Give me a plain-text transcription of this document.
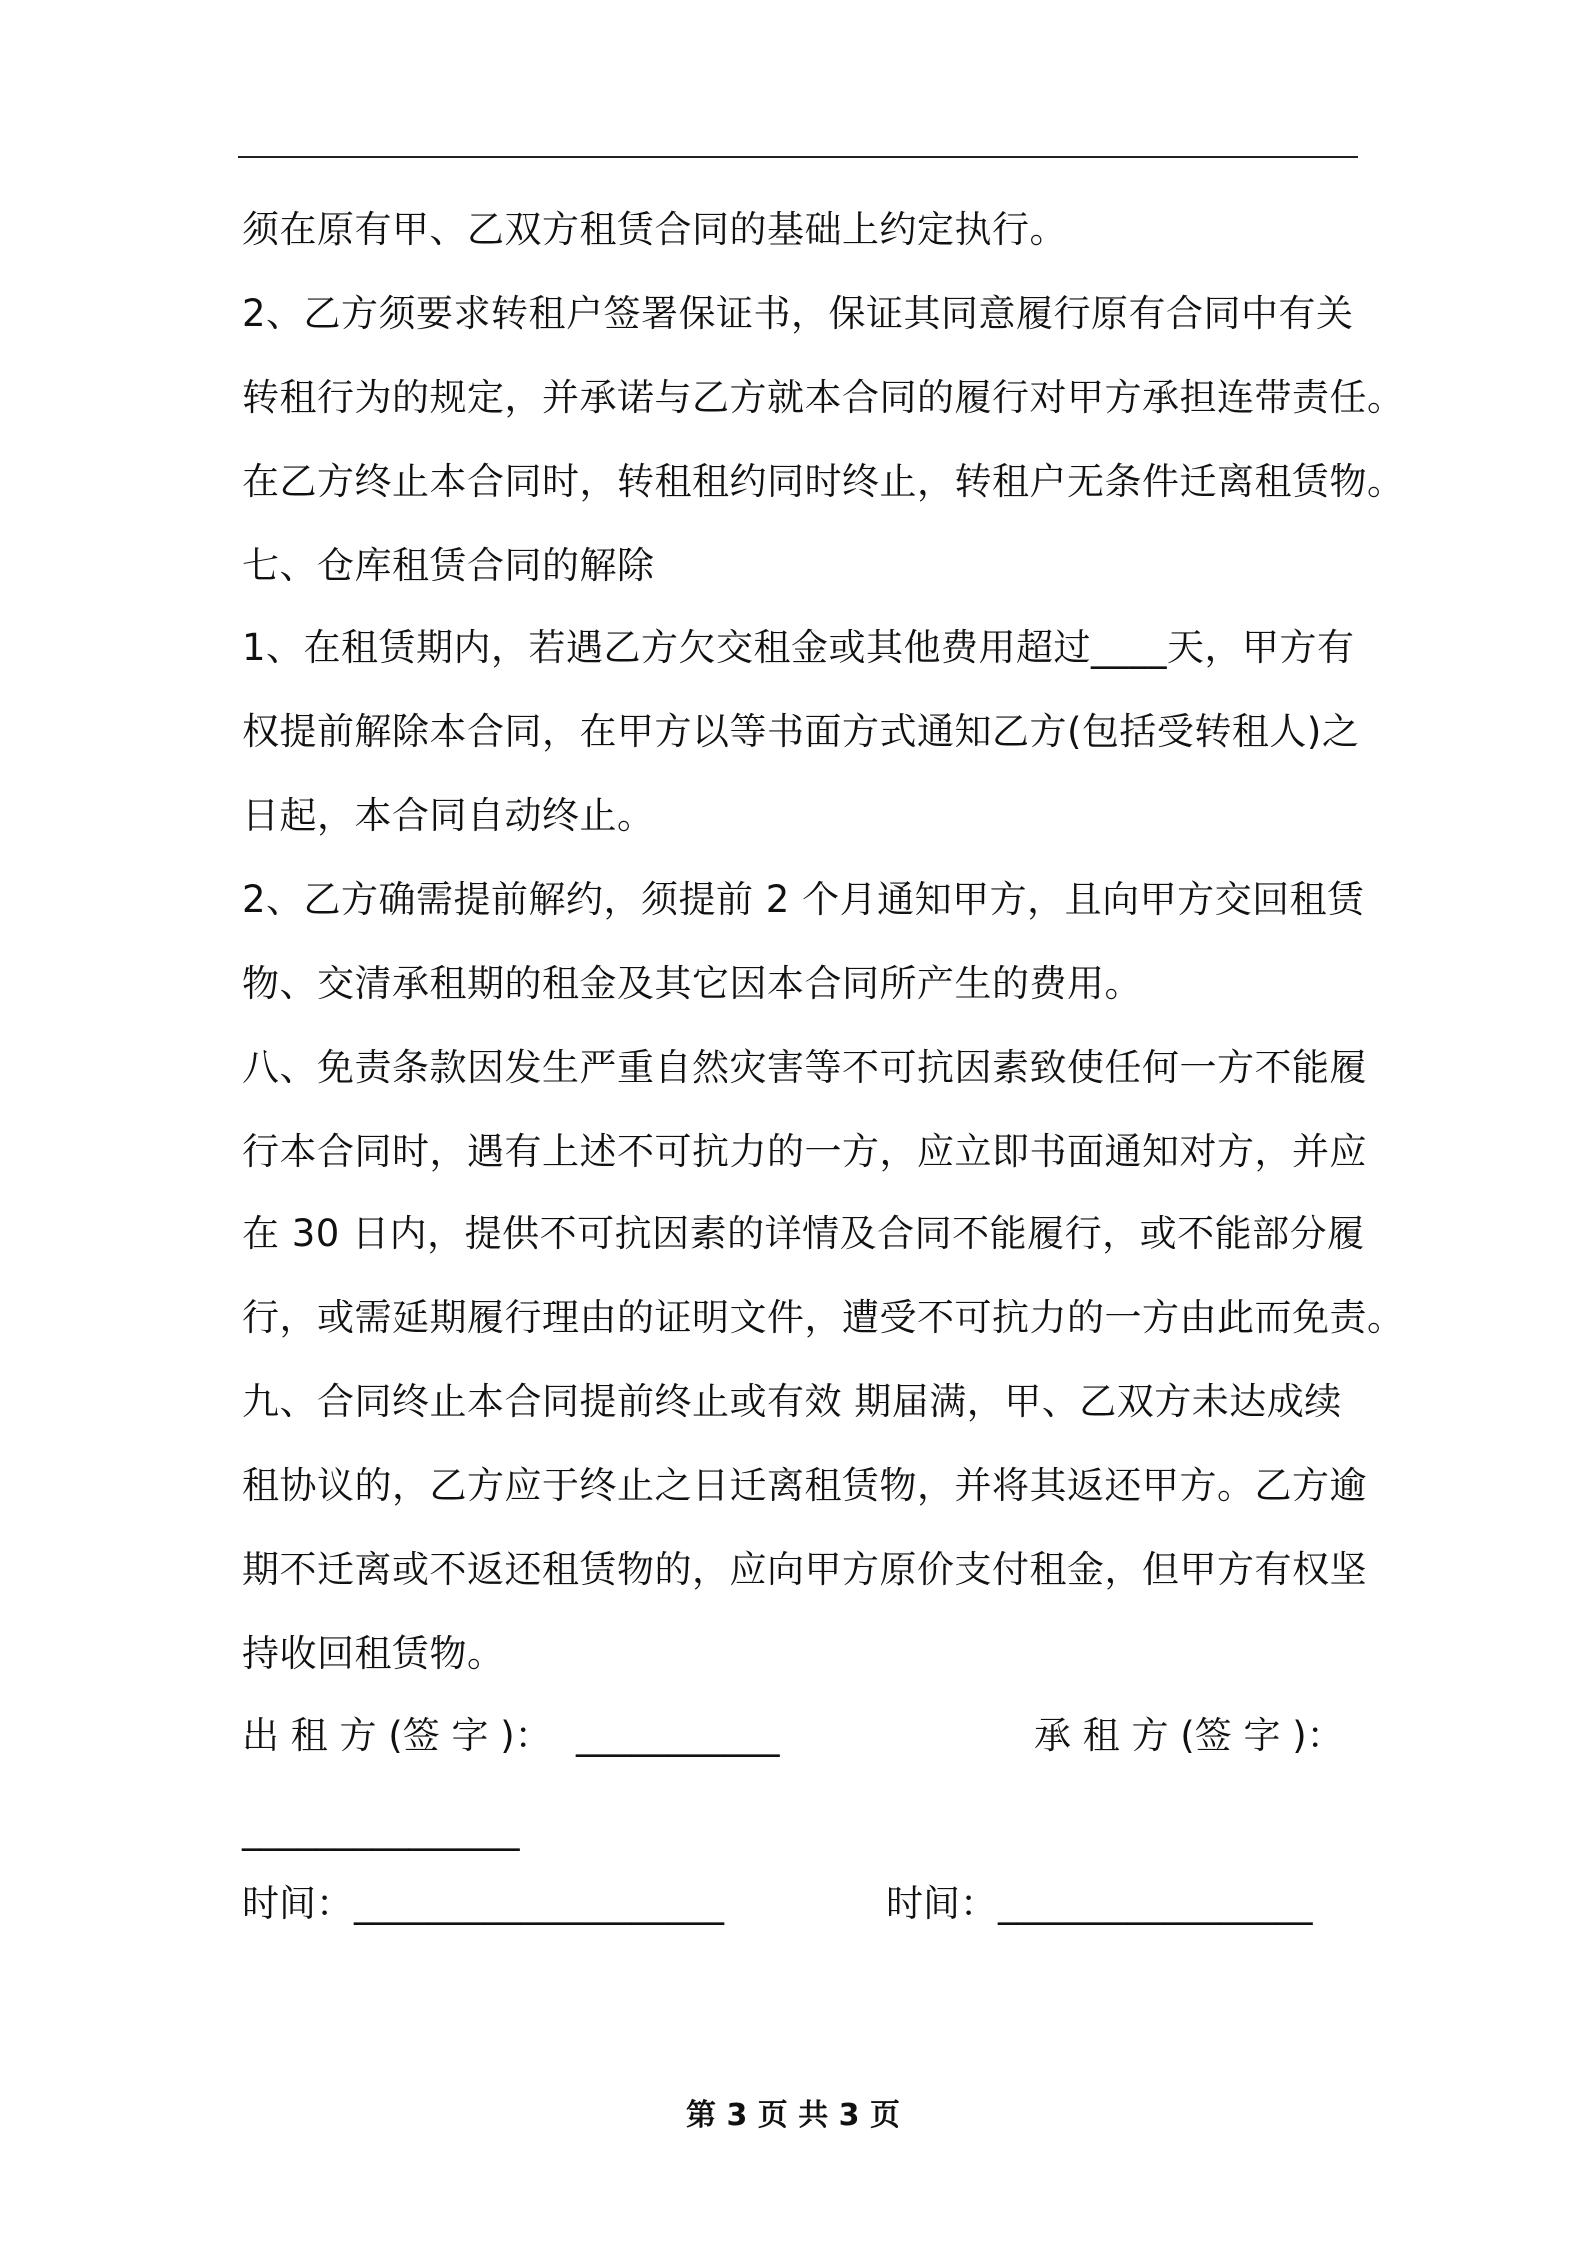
须在原有甲、乙双方租赁合同的基础上约定执行。
2、乙方须要求转租户签署保证书，保证其同意履行原有合同中有关
转租行为的规定，并承诺与乙方就本合同的履行对甲方承担连带责任。
在乙方终止本合同时，转租租约同时终止，转租户无条件迁离租赁物。
七、仓库租赁合同的解除
1、在租赁期内，若遇乙方欠交租金或其他费用超过____天，甲方有
权提前解除本合同，在甲方以等书面方式通知乙方(包括受转租人)之
日起，本合同自动终止。
2、乙方确需提前解约，须提前 2 个月通知甲方，且向甲方交回租赁
物、交清承租期的租金及其它因本合同所产生的费用。
八、免责条款因发生严重自然灾害等不可抗因素致使任何一方不能履
行本合同时，遇有上述不可抗力的一方，应立即书面通知对方，并应
在 30 日内，提供不可抗因素的详情及合同不能履行，或不能部分履
行，或需延期履行理由的证明文件，遭受不可抗力的一方由此而免责。
九、合同终止本合同提前终止或有效 期届满，甲、乙双方未达成续
租协议的，乙方应于终止之日迁离租赁物，并将其返还甲方。乙方逾
期不迁离或不返还租赁物的，应向甲方原价支付租金，但甲方有权坚
持收回租赁物。
出 租 方 (签 字 )： ___________	承 租 方 (签 字 )：
_______________
时间： ____________________	时间： _________________
第 3 页 共 3 页
